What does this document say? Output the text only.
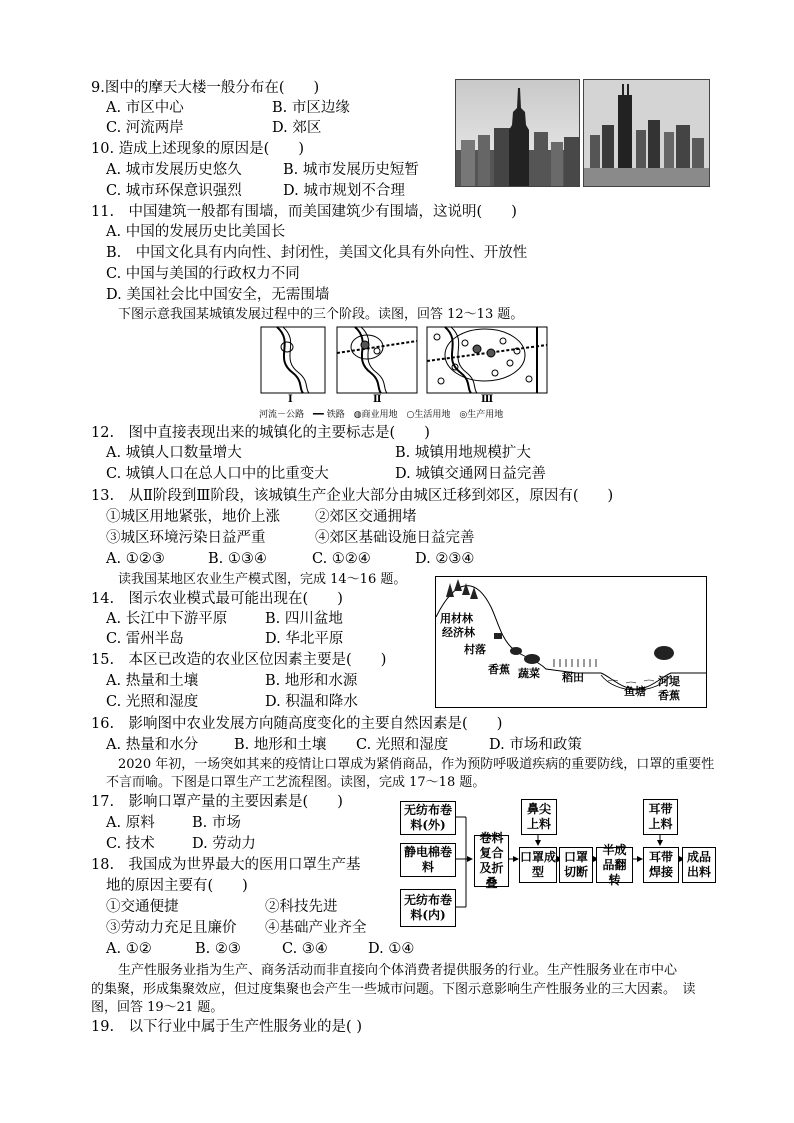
9.图中的摩天大楼一般分布在(　　)
A. 市区中心	B. 市区边缘
C. 河流两岸	D. 郊区
10. 造成上述现象的原因是(　　)
A. 城市发展历史悠久	B. 城市发展历史短暂
C. 城市环保意识强烈	D. 城市规划不合理
11.　中国建筑一般都有围墙，而美国建筑少有围墙，这说明(　　)
A. 中国的发展历史比美国长
B.　中国文化具有内向性、封闭性，美国文化具有外向性、开放性
C. 中国与美国的行政权力不同
D. 美国社会比中国安全，无需围墙
下图示意我国某城镇发展过程中的三个阶段。读图，回答 12～13 题。
Ⅰ	Ⅱ	Ⅲ
河流－公路　━━ 铁路　◍商业用地　○生活用地　◎生产用地
12.　图中直接表现出来的城镇化的主要标志是(　　)
A. 城镇人口数量增大	B. 城镇用地规模扩大
C. 城镇人口在总人口中的比重变大	D. 城镇交通网日益完善
13.　从Ⅱ阶段到Ⅲ阶段，该城镇生产企业大部分由城区迁移到郊区，原因有(　　)
①城区用地紧张，地价上涨 ②郊区交通拥堵
③城区环境污染日益严重	④郊区基础设施日益完善
A. ①②③	B. ①③④	C. ①②④	D. ②③④
读我国某地区农业生产模式图，完成 14～16 题。
用材林
经济林
村落
香蕉 蔬菜 稻田
鱼塘
河堤
香蕉
14.　图示农业模式最可能出现在(　　)
A. 长江中下游平原	B. 四川盆地
C. 雷州半岛	D. 华北平原
15.　本区已改造的农业区位因素主要是(　　)
A. 热量和土壤	B. 地形和水源
C. 光照和湿度	D. 积温和降水
16.　影响图中农业发展方向随高度变化的主要自然因素是(　　)
A. 热量和水分 B. 地形和土壤 C. 光照和湿度	D. 市场和政策
2020 年初，一场突如其来的疫情让口罩成为紧俏商品，作为预防呼吸道疾病的重要防线，口罩的重要性
不言而喻。下图是口罩生产工艺流程图。读图，完成 17～18 题。
无纺布卷料(外)
静电棉卷料
无纺布卷料(内)
卷料复合及折叠
鼻尖上料
口罩成型
口罩切断
半成品翻转
耳带上料
耳带焊接
成品出料
17.　影响口罩产量的主要因素是(　　)
A. 原料	B. 市场
C. 技术	D. 劳动力
18.　我国成为世界最大的医用口罩生产基
地的原因主要有(　　)
①交通便捷	②科技先进
③劳动力充足且廉价 ④基础产业齐全
A. ①②	B. ②③	C. ③④	D. ①④
生产性服务业指为生产、商务活动而非直接向个体消费者提供服务的行业。生产性服务业在市中心
的集聚，形成集聚效应，但过度集聚也会产生一些城市问题。下图示意影响生产性服务业的三大因素。　读
图，回答 19～21 题。
19.　以下行业中属于生产性服务业的是( )
